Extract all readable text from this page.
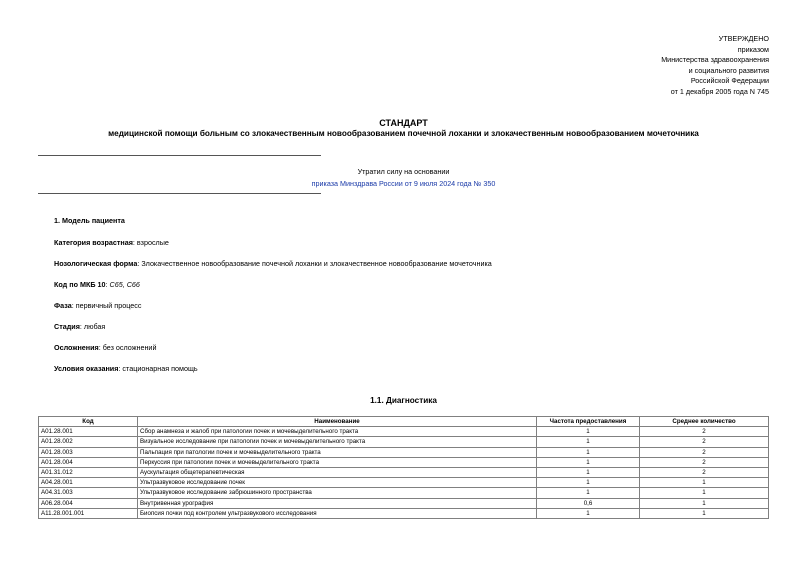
УТВЕРЖДЕНО
приказом
Министерства здравоохранения
и социального развития
Российской Федерации
от 1 декабря 2005 года N 745
СТАНДАРТ
медицинской помощи больным со злокачественным новообразованием почечной лоханки и злокачественным новообразованием мочеточника
Утратил силу на основании
приказа Минздрава России от 9 июля 2024 года № 350
1. Модель пациента
Категория возрастная: взрослые
Нозологическая форма: Злокачественное новообразование почечной лоханки и злокачественное новообразование мочеточника
Код по МКБ 10: C65, C66
Фаза: первичный процесс
Стадия: любая
Осложнения: без осложнений
Условия оказания: стационарная помощь
1.1. Диагностика
Код	Наименование	Частота предоставления	Среднее количество
A01.28.001	Сбор анамнеза и жалоб при патологии почек и мочевыделительного тракта	1	2
A01.28.002	Визуальное исследование при патологии почек и мочевыделительного тракта	1	2
A01.28.003	Пальпация при патологии почек и мочевыделительного тракта	1	2
A01.28.004	Перкуссия при патологии почек и мочевыделительного тракта	1	2
A01.31.012	Аускультация общетерапевтическая	1	2
A04.28.001	Ультразвуковое исследование почек	1	1
A04.31.003	Ультразвуковое исследование забрюшинного пространства	1	1
A06.28.004	Внутривенная урография	0,6	1
A11.28.001.001	Биопсия почки под контролем ультразвукового исследования	1	1
